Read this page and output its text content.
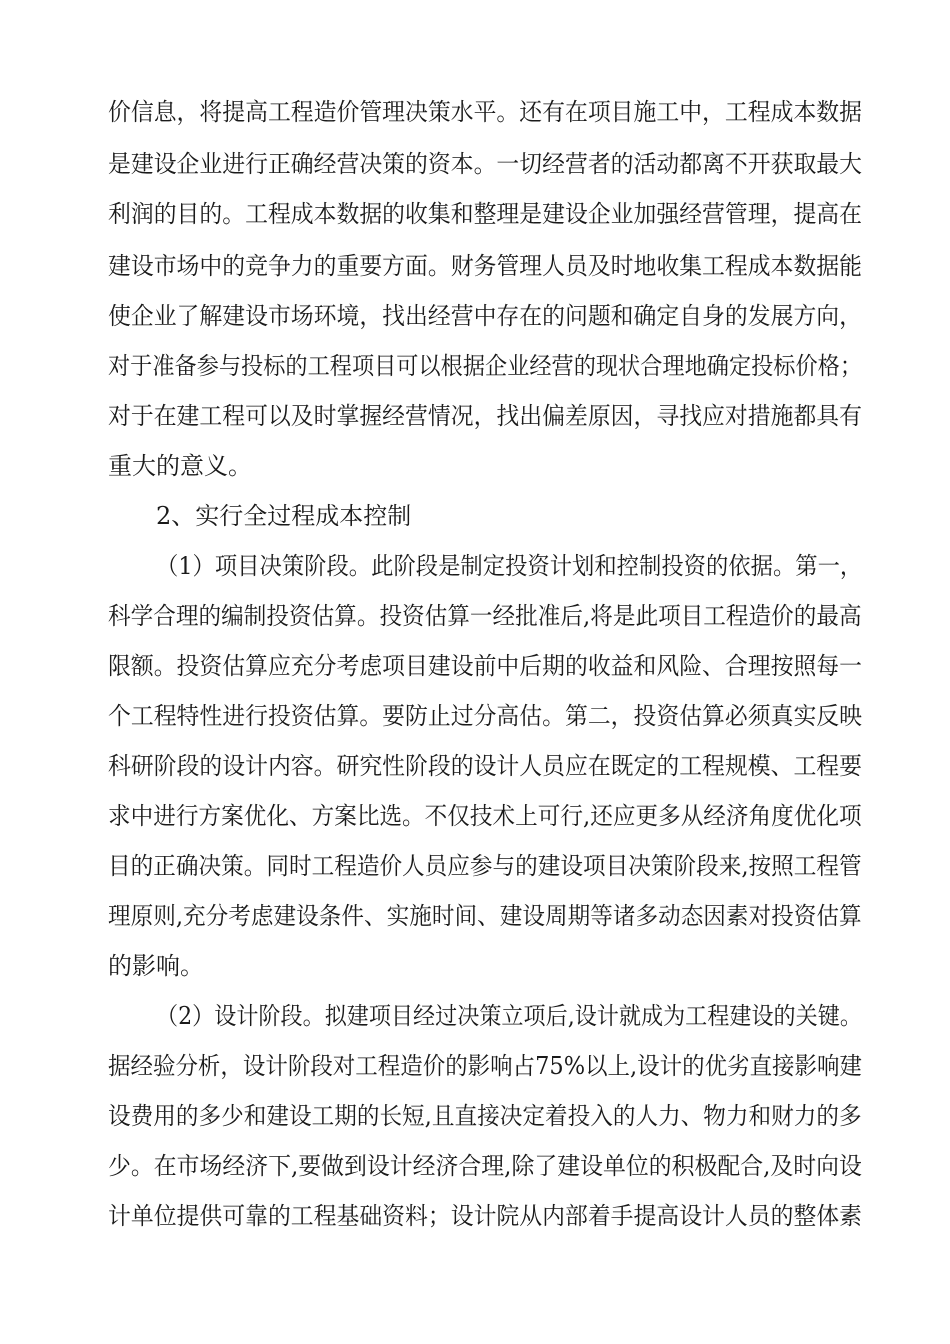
价信息，将提高工程造价管理决策水平。还有在项目施工中，工程成本数据
是建设企业进行正确经营决策的资本。一切经营者的活动都离不开获取最大
利润的目的。工程成本数据的收集和整理是建设企业加强经营管理，提高在
建设市场中的竞争力的重要方面。财务管理人员及时地收集工程成本数据能
使企业了解建设市场环境，找出经营中存在的问题和确定自身的发展方向，
对于准备参与投标的工程项目可以根据企业经营的现状合理地确定投标价格；
对于在建工程可以及时掌握经营情况，找出偏差原因，寻找应对措施都具有
重大的意义。
2、实行全过程成本控制
（1）项目决策阶段。此阶段是制定投资计划和控制投资的依据。第一，
科学合理的编制投资估算。投资估算一经批准后,将是此项目工程造价的最高
限额。投资估算应充分考虑项目建设前中后期的收益和风险、合理按照每一
个工程特性进行投资估算。要防止过分高估。第二，投资估算必须真实反映
科研阶段的设计内容。研究性阶段的设计人员应在既定的工程规模、工程要
求中进行方案优化、方案比选。不仅技术上可行,还应更多从经济角度优化项
目的正确决策。同时工程造价人员应参与的建设项目决策阶段来,按照工程管
理原则,充分考虑建设条件、实施时间、建设周期等诸多动态因素对投资估算
的影响。
（2）设计阶段。拟建项目经过决策立项后,设计就成为工程建设的关键。
据经验分析，设计阶段对工程造价的影响占75%以上,设计的优劣直接影响建
设费用的多少和建设工期的长短,且直接决定着投入的人力、物力和财力的多
少。在市场经济下,要做到设计经济合理,除了建设单位的积极配合,及时向设
计单位提供可靠的工程基础资料；设计院从内部着手提高设计人员的整体素
